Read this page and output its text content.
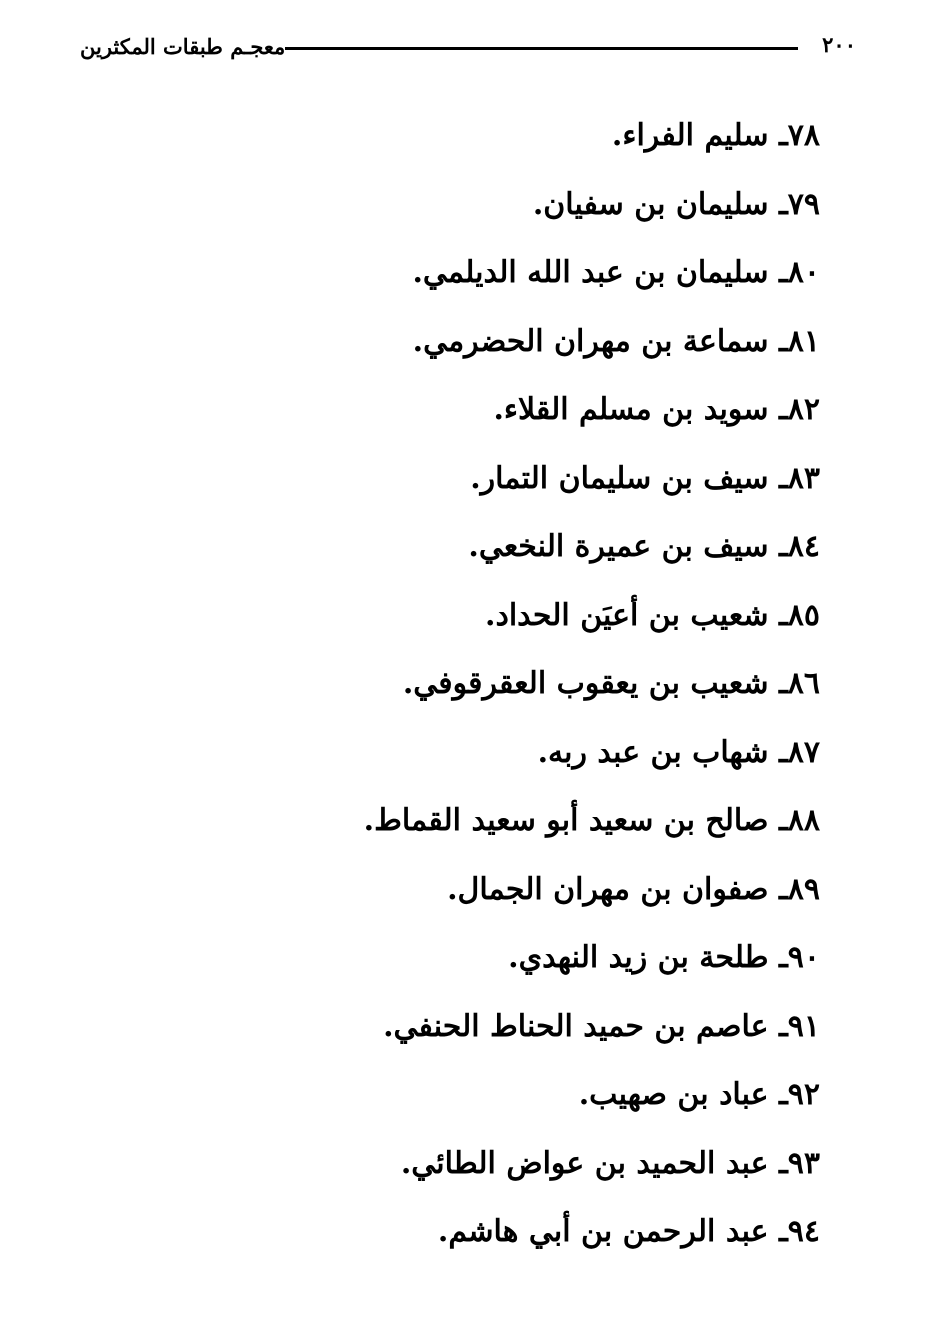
معجـم طبقات المكثرين	٢٠٠
٧٨ـ سليم الفراء.
٧٩ـ سليمان بن سفيان.
٨٠ـ سليمان بن عبد الله الديلمي.
٨١ـ سماعة بن مهران الحضرمي.
٨٢ـ سويد بن مسلم القلاء.
٨٣ـ سيف بن سليمان التمار.
٨٤ـ سيف بن عميرة النخعي.
٨٥ـ شعيب بن أعيَن الحداد.
٨٦ـ شعيب بن يعقوب العقرقوفي.
٨٧ـ شهاب بن عبد ربه.
٨٨ـ صالح بن سعيد أبو سعيد القماط.
٨٩ـ صفوان بن مهران الجمال.
٩٠ـ طلحة بن زيد النهدي.
٩١ـ عاصم بن حميد الحناط الحنفي.
٩٢ـ عباد بن صهيب.
٩٣ـ عبد الحميد بن عواض الطائي.
٩٤ـ عبد الرحمن بن أبي هاشم.
